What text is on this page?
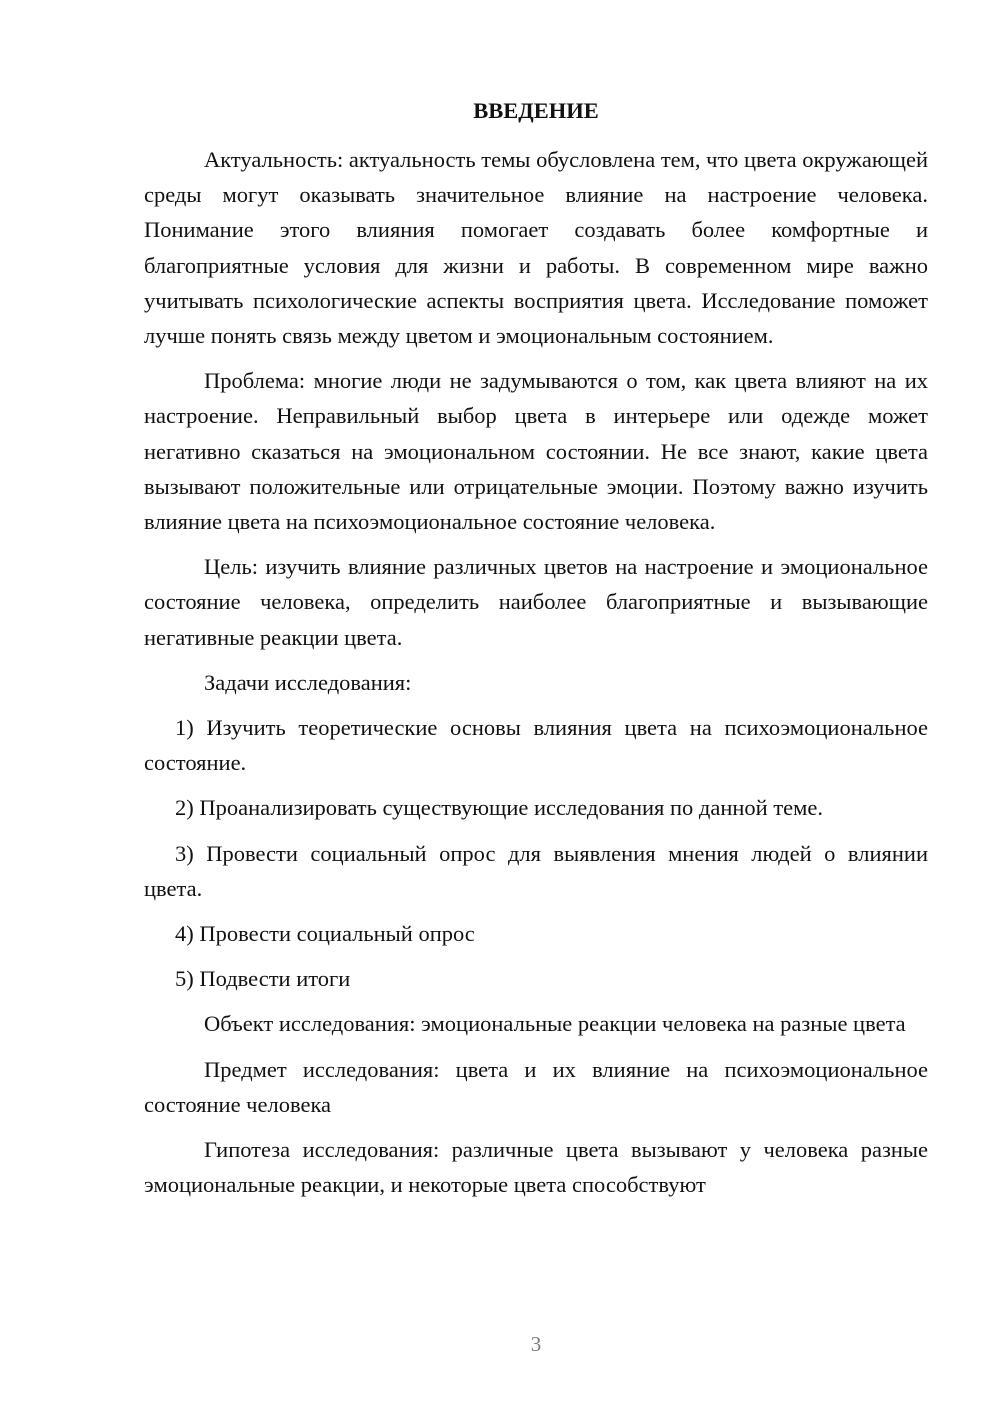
ВВЕДЕНИЕ

Актуальность: актуальность темы обусловлена тем, что цвета окружающей среды могут оказывать значительное влияние на настроение человека. Понимание этого влияния помогает создавать более комфортные и благоприятные условия для жизни и работы. В современном мире важно учитывать психологические аспекты восприятия цвета. Исследование поможет лучше понять связь между цветом и эмоциональным состоянием.

Проблема: многие люди не задумываются о том, как цвета влияют на их настроение. Неправильный выбор цвета в интерьере или одежде может негативно сказаться на эмоциональном состоянии. Не все знают, какие цвета вызывают положительные или отрицательные эмоции. Поэтому важно изучить влияние цвета на психоэмоциональное состояние человека.

Цель: изучить влияние различных цветов на настроение и эмоциональное состояние человека, определить наиболее благоприятные и вызывающие негативные реакции цвета.

Задачи исследования:

1) Изучить теоретические основы влияния цвета на психоэмоциональное состояние.

2) Проанализировать существующие исследования по данной теме.

3) Провести социальный опрос для выявления мнения людей о влиянии цвета.

4) Провести социальный опрос

5) Подвести итоги

Объект исследования: эмоциональные реакции человека на разные цвета

Предмет исследования: цвета и их влияние на психоэмоциональное состояние человека

Гипотеза исследования: различные цвета вызывают у человека разные эмоциональные реакции, и некоторые цвета способствуют

3
